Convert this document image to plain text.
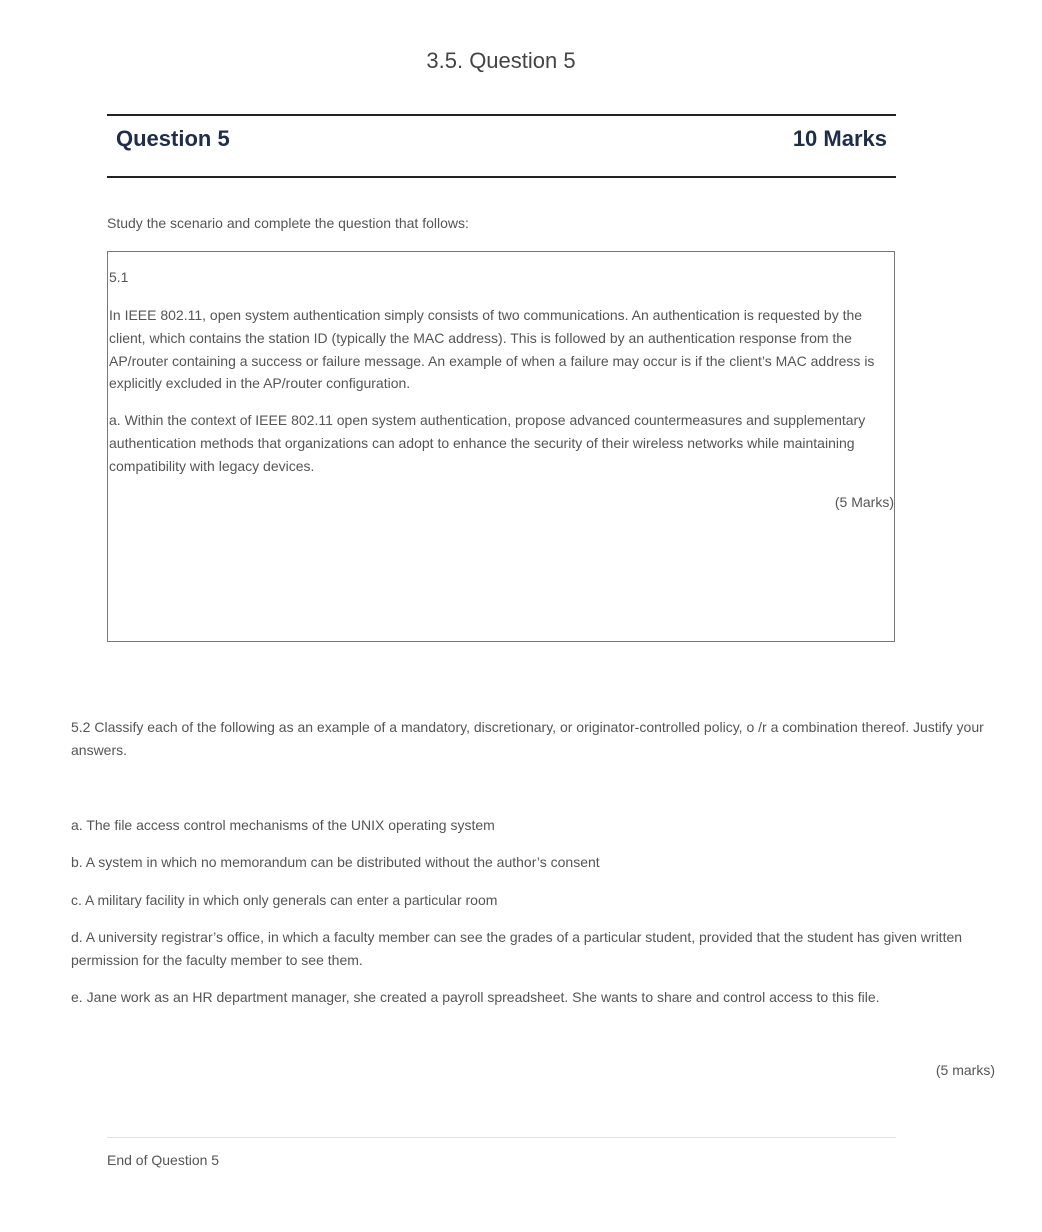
3.5. Question 5
Question 5	10 Marks
Study the scenario and complete the question that follows:
5.1
In IEEE 802.11, open system authentication simply consists of two communications. An authentication is requested by the client, which contains the station ID (typically the MAC address). This is followed by an authentication response from the AP/router containing a success or failure message. An example of when a failure may occur is if the client’s MAC address is explicitly excluded in the AP/router configuration.
a. Within the context of IEEE 802.11 open system authentication, propose advanced countermeasures and supplementary authentication methods that organizations can adopt to enhance the security of their wireless networks while maintaining compatibility with legacy devices.
(5 Marks)
5.2 Classify each of the following as an example of a mandatory, discretionary, or originator-controlled policy, o /r a combination thereof. Justify your answers.
a. The file access control mechanisms of the UNIX operating system
b. A system in which no memorandum can be distributed without the author’s consent
c. A military facility in which only generals can enter a particular room
d. A university registrar’s office, in which a faculty member can see the grades of a particular student, provided that the student has given written permission for the faculty member to see them.
e. Jane work as an HR department manager, she created a payroll spreadsheet. She wants to share and control access to this file.
(5 marks)
End of Question 5
